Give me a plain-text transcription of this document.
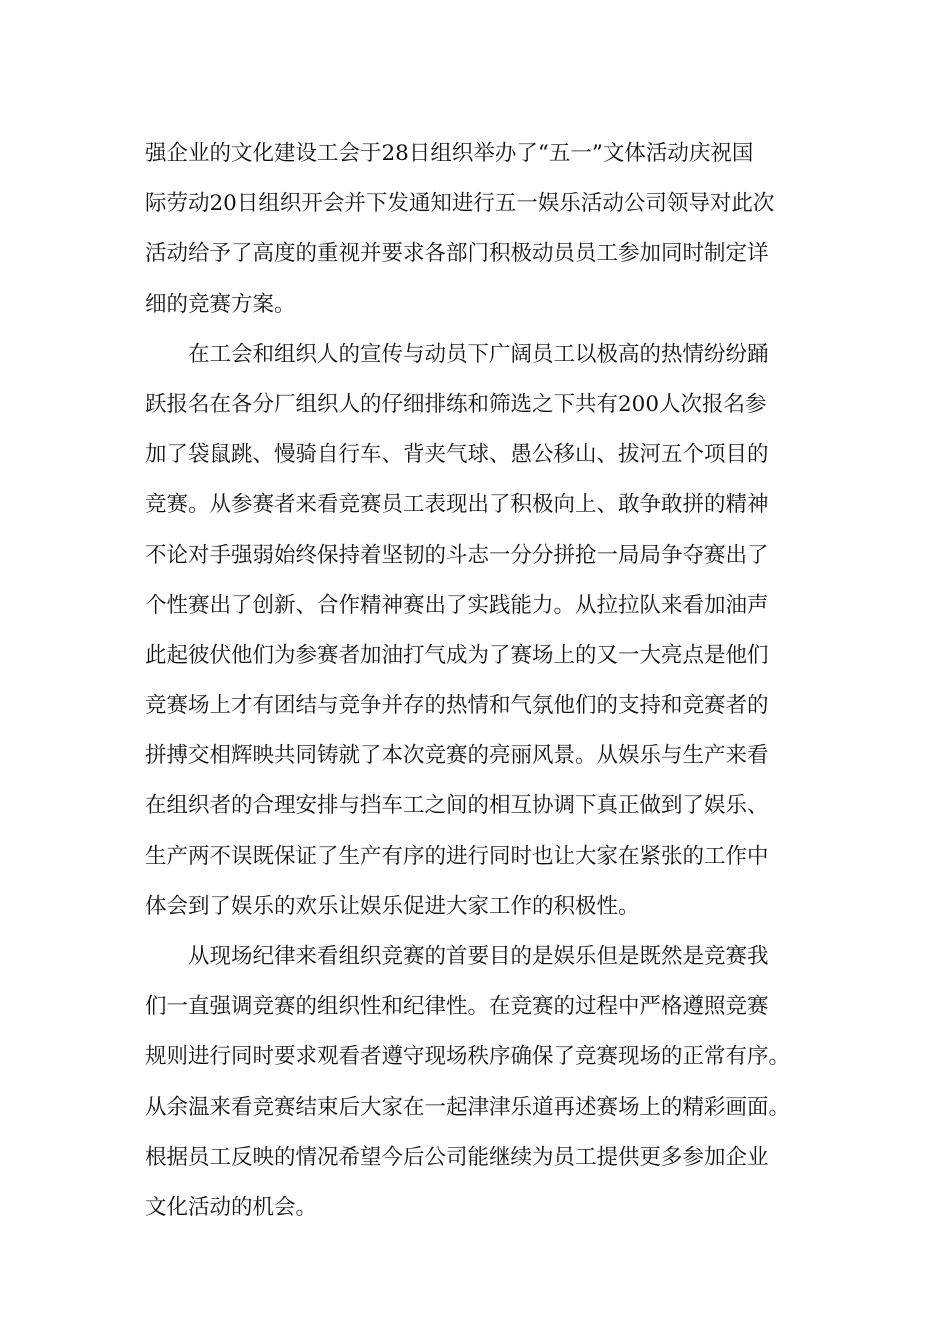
强企业的文化建设工会于28日组织举办了“五一”文体活动庆祝国
际劳动20日组织开会并下发通知进行五一娱乐活动公司领导对此次
活动给予了高度的重视并要求各部门积极动员员工参加同时制定详
细的竞赛方案。
在工会和组织人的宣传与动员下广阔员工以极高的热情纷纷踊
跃报名在各分厂组织人的仔细排练和筛选之下共有200人次报名参
加了袋鼠跳、慢骑自行车、背夹气球、愚公移山、拔河五个项目的
竞赛。从参赛者来看竞赛员工表现出了积极向上、敢争敢拼的精神
不论对手强弱始终保持着坚韧的斗志一分分拼抢一局局争夺赛出了
个性赛出了创新、合作精神赛出了实践能力。从拉拉队来看加油声
此起彼伏他们为参赛者加油打气成为了赛场上的又一大亮点是他们
竞赛场上才有团结与竞争并存的热情和气氛他们的支持和竞赛者的
拼搏交相辉映共同铸就了本次竞赛的亮丽风景。从娱乐与生产来看
在组织者的合理安排与挡车工之间的相互协调下真正做到了娱乐、
生产两不误既保证了生产有序的进行同时也让大家在紧张的工作中
体会到了娱乐的欢乐让娱乐促进大家工作的积极性。
从现场纪律来看组织竞赛的首要目的是娱乐但是既然是竞赛我
们一直强调竞赛的组织性和纪律性。在竞赛的过程中严格遵照竞赛
规则进行同时要求观看者遵守现场秩序确保了竞赛现场的正常有序。
从余温来看竞赛结束后大家在一起津津乐道再述赛场上的精彩画面。
根据员工反映的情况希望今后公司能继续为员工提供更多参加企业
文化活动的机会。
